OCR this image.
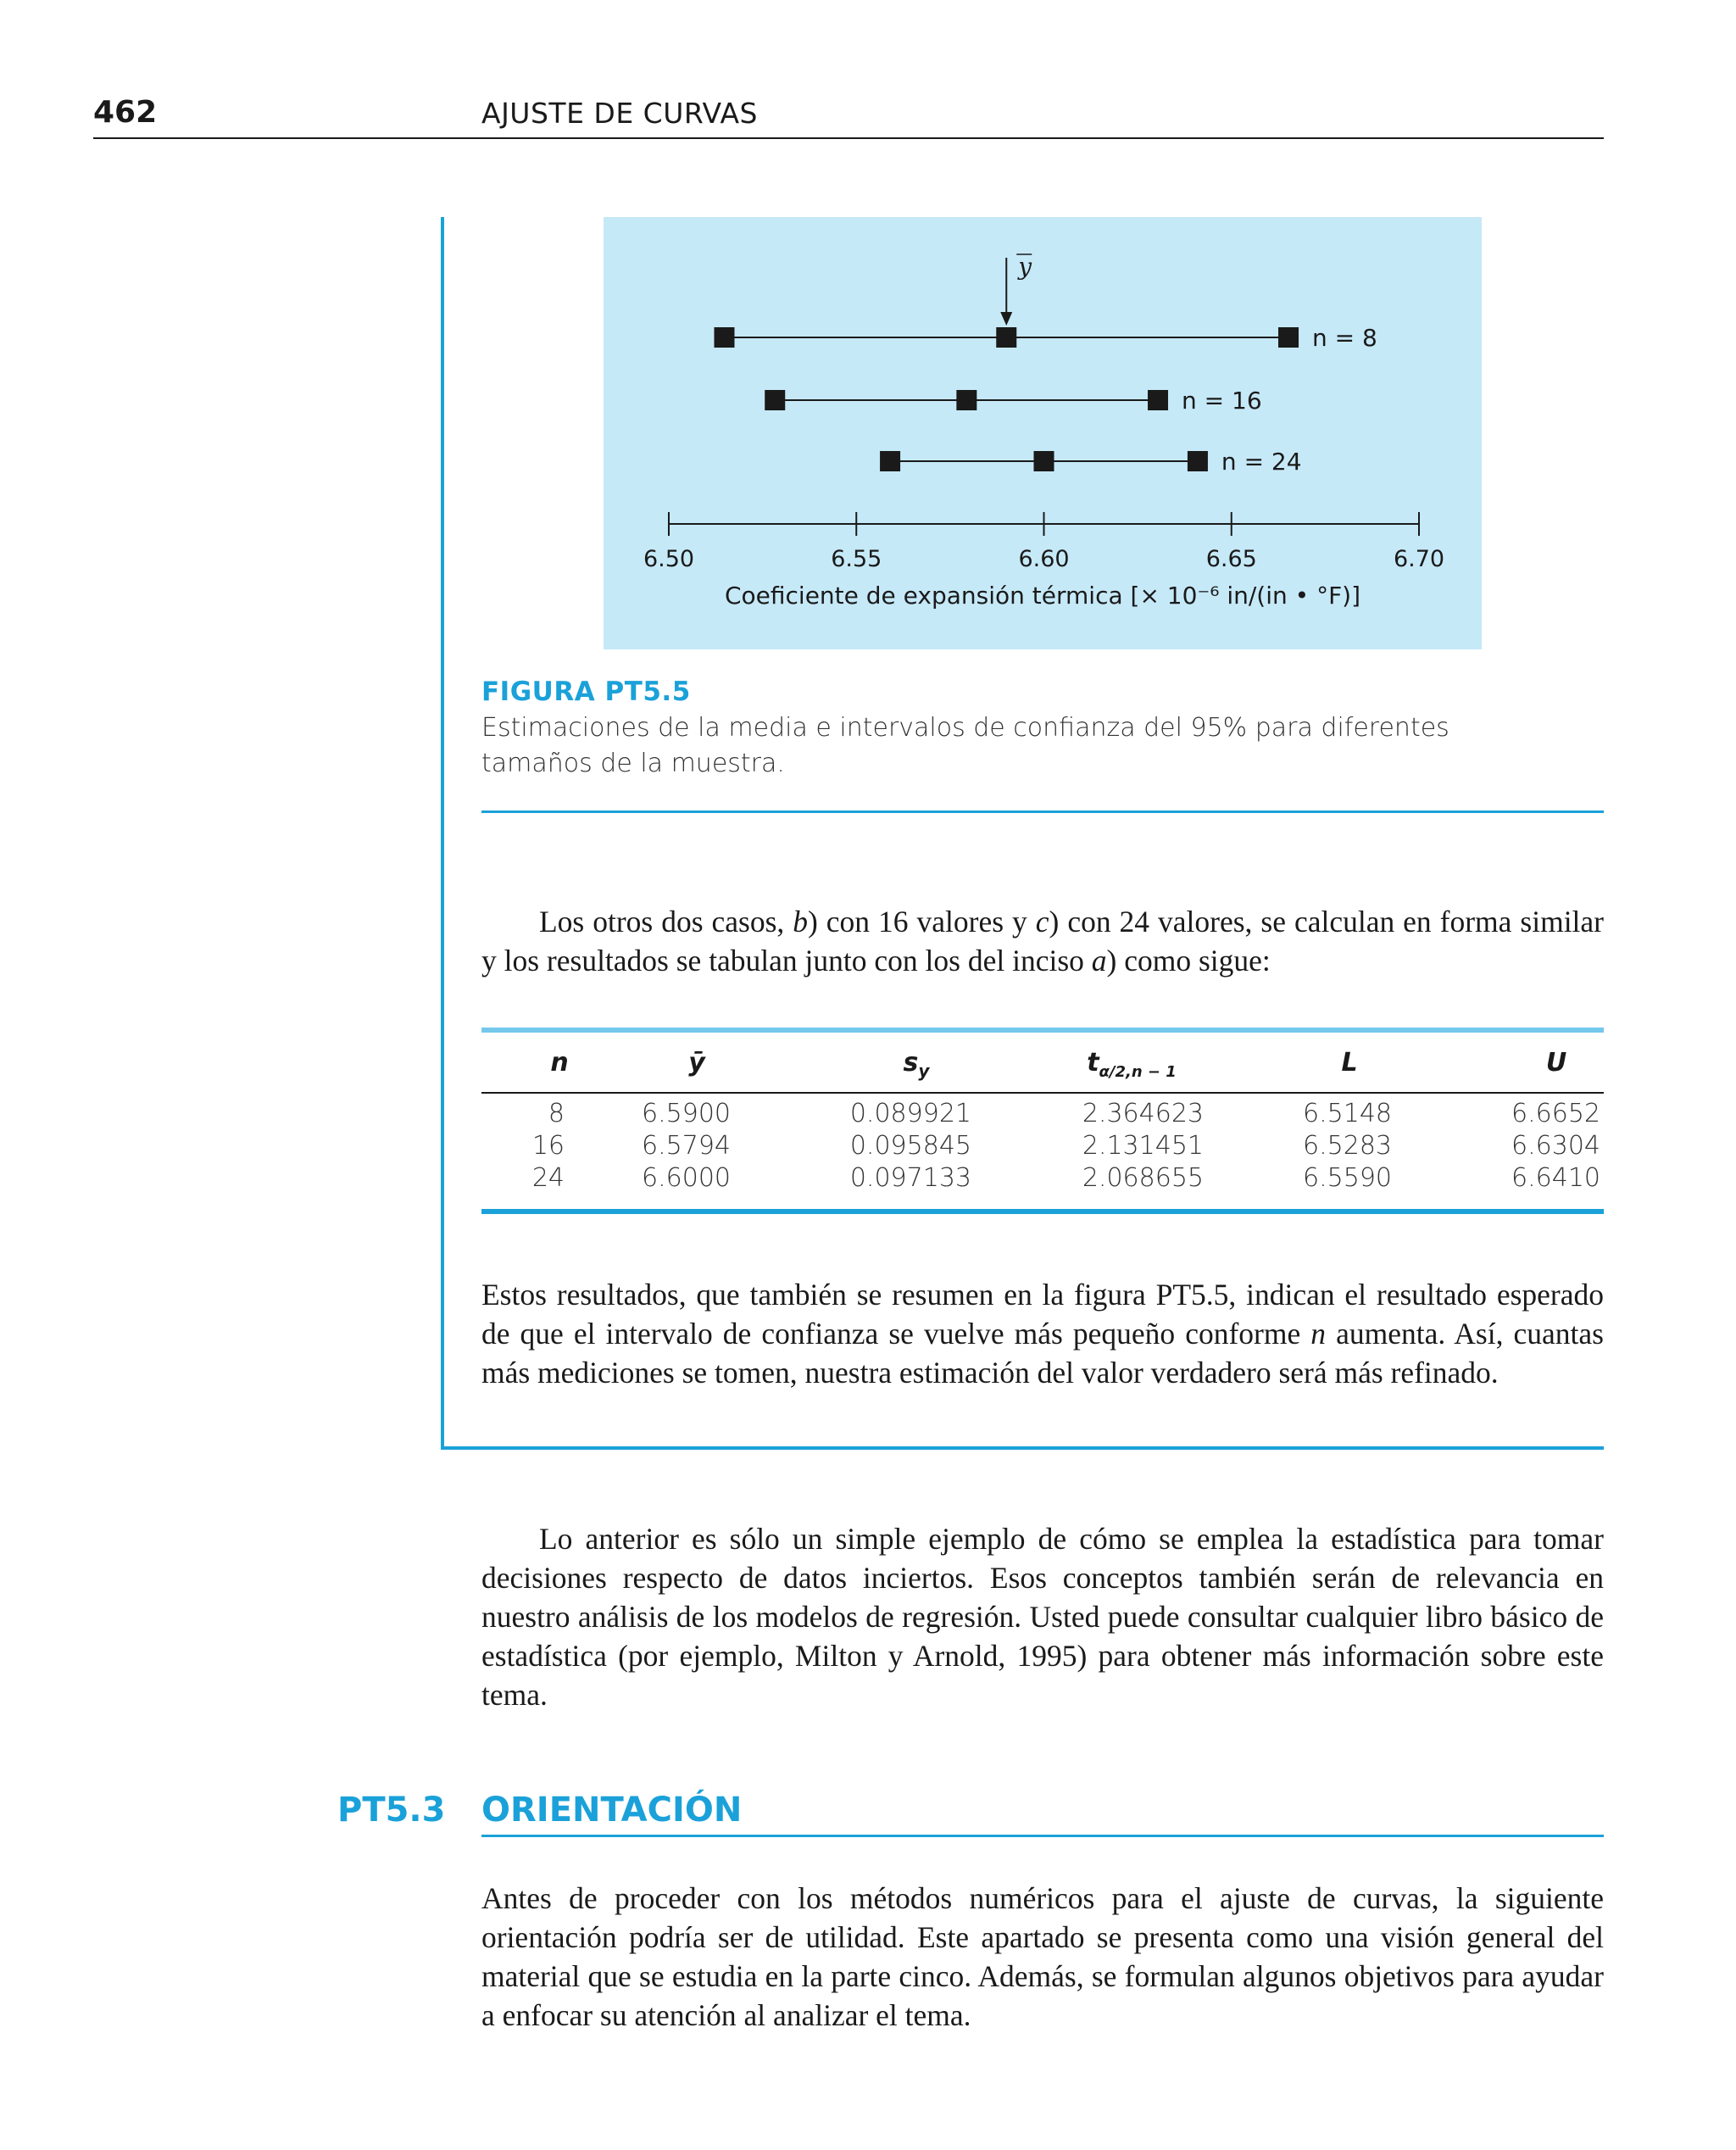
462	AJUSTE DE CURVAS
6.50	6.55	6.60	6.65	6.70
Coeficiente de expansión térmica [× 10⁻⁶ in/(in • °F)]
n = 8
n = 16
n = 24
y
FIGURA PT5.5
Estimaciones de la media e intervalos de confianza del 95% para diferentes tamaños de la muestra.
Los otros dos casos, b) con 16 valores y c) con 24 valores, se calculan en forma similar y los resultados se tabulan junto con los del inciso a) como sigue:
n	ȳ	$s_y$	$t_{\alpha/2,n - 1}$	L	U
8	6.5900	0.089921	2.364623	6.5148	6.6652
16	6.5794	0.095845	2.131451	6.5283	6.6304
24	6.6000	0.097133	2.068655	6.5590	6.6410
Estos resultados, que también se resumen en la figura PT5.5, indican el resultado esperado de que el intervalo de confianza se vuelve más pequeño conforme n aumenta. Así, cuantas más mediciones se tomen, nuestra estimación del valor verdadero será más refinado.
Lo anterior es sólo un simple ejemplo de cómo se emplea la estadística para tomar decisiones respecto de datos inciertos. Esos conceptos también serán de relevancia en nuestro análisis de los modelos de regresión. Usted puede consultar cualquier libro básico de estadística (por ejemplo, Milton y Arnold, 1995) para obtener más información sobre este tema.
PT5.3 ORIENTACIÓN
Antes de proceder con los métodos numéricos para el ajuste de curvas, la siguiente orientación podría ser de utilidad. Este apartado se presenta como una visión general del material que se estudia en la parte cinco. Además, se formulan algunos objetivos para ayudar a enfocar su atención al analizar el tema.
